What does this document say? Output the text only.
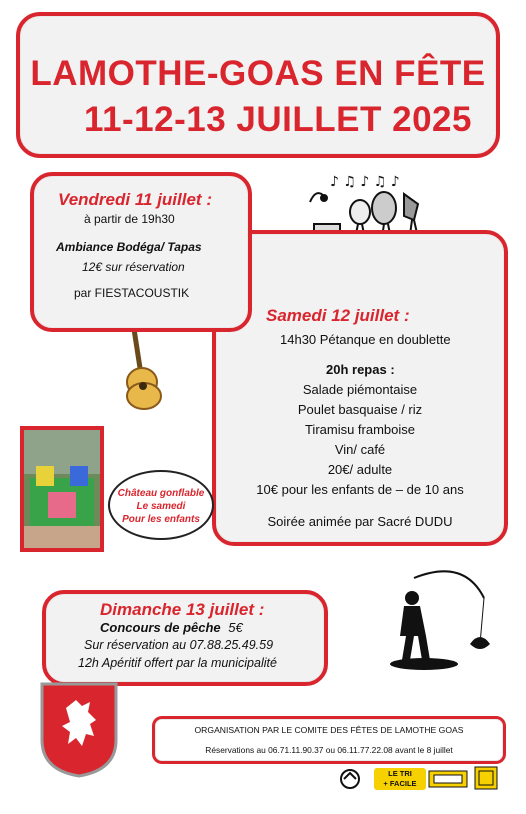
LAMOTHE-GOAS EN FÊTE
11-12-13 JUILLET 2025
Samedi 12 juillet :
14h30 Pétanque en doublette
20h repas :
Salade piémontaise
Poulet basquaise / riz
Tiramisu framboise
Vin/ café
20€/ adulte
10€ pour les enfants de – de 10 ans
Soirée animée par Sacré DUDU
Vendredi 11 juillet :
à partir de 19h30
Ambiance Bodéga/ Tapas
12€ sur réservation
par FIESTACOUSTIK
♪ ♫ ♪ ♫ ♪
Château gonflable
Le samedi
Pour les enfants
Dimanche 13 juillet :
Concours de pêche 5€
Sur réservation au 07.88.25.49.59
12h Apéritif offert par la municipalité
ORGANISATION PAR LE COMITE DES FÊTES DE LAMOTHE GOAS
Réservations au 06.71.11.90.37 ou 06.11.77.22.08 avant le 8 juillet
LE TRI
+ FACILE
